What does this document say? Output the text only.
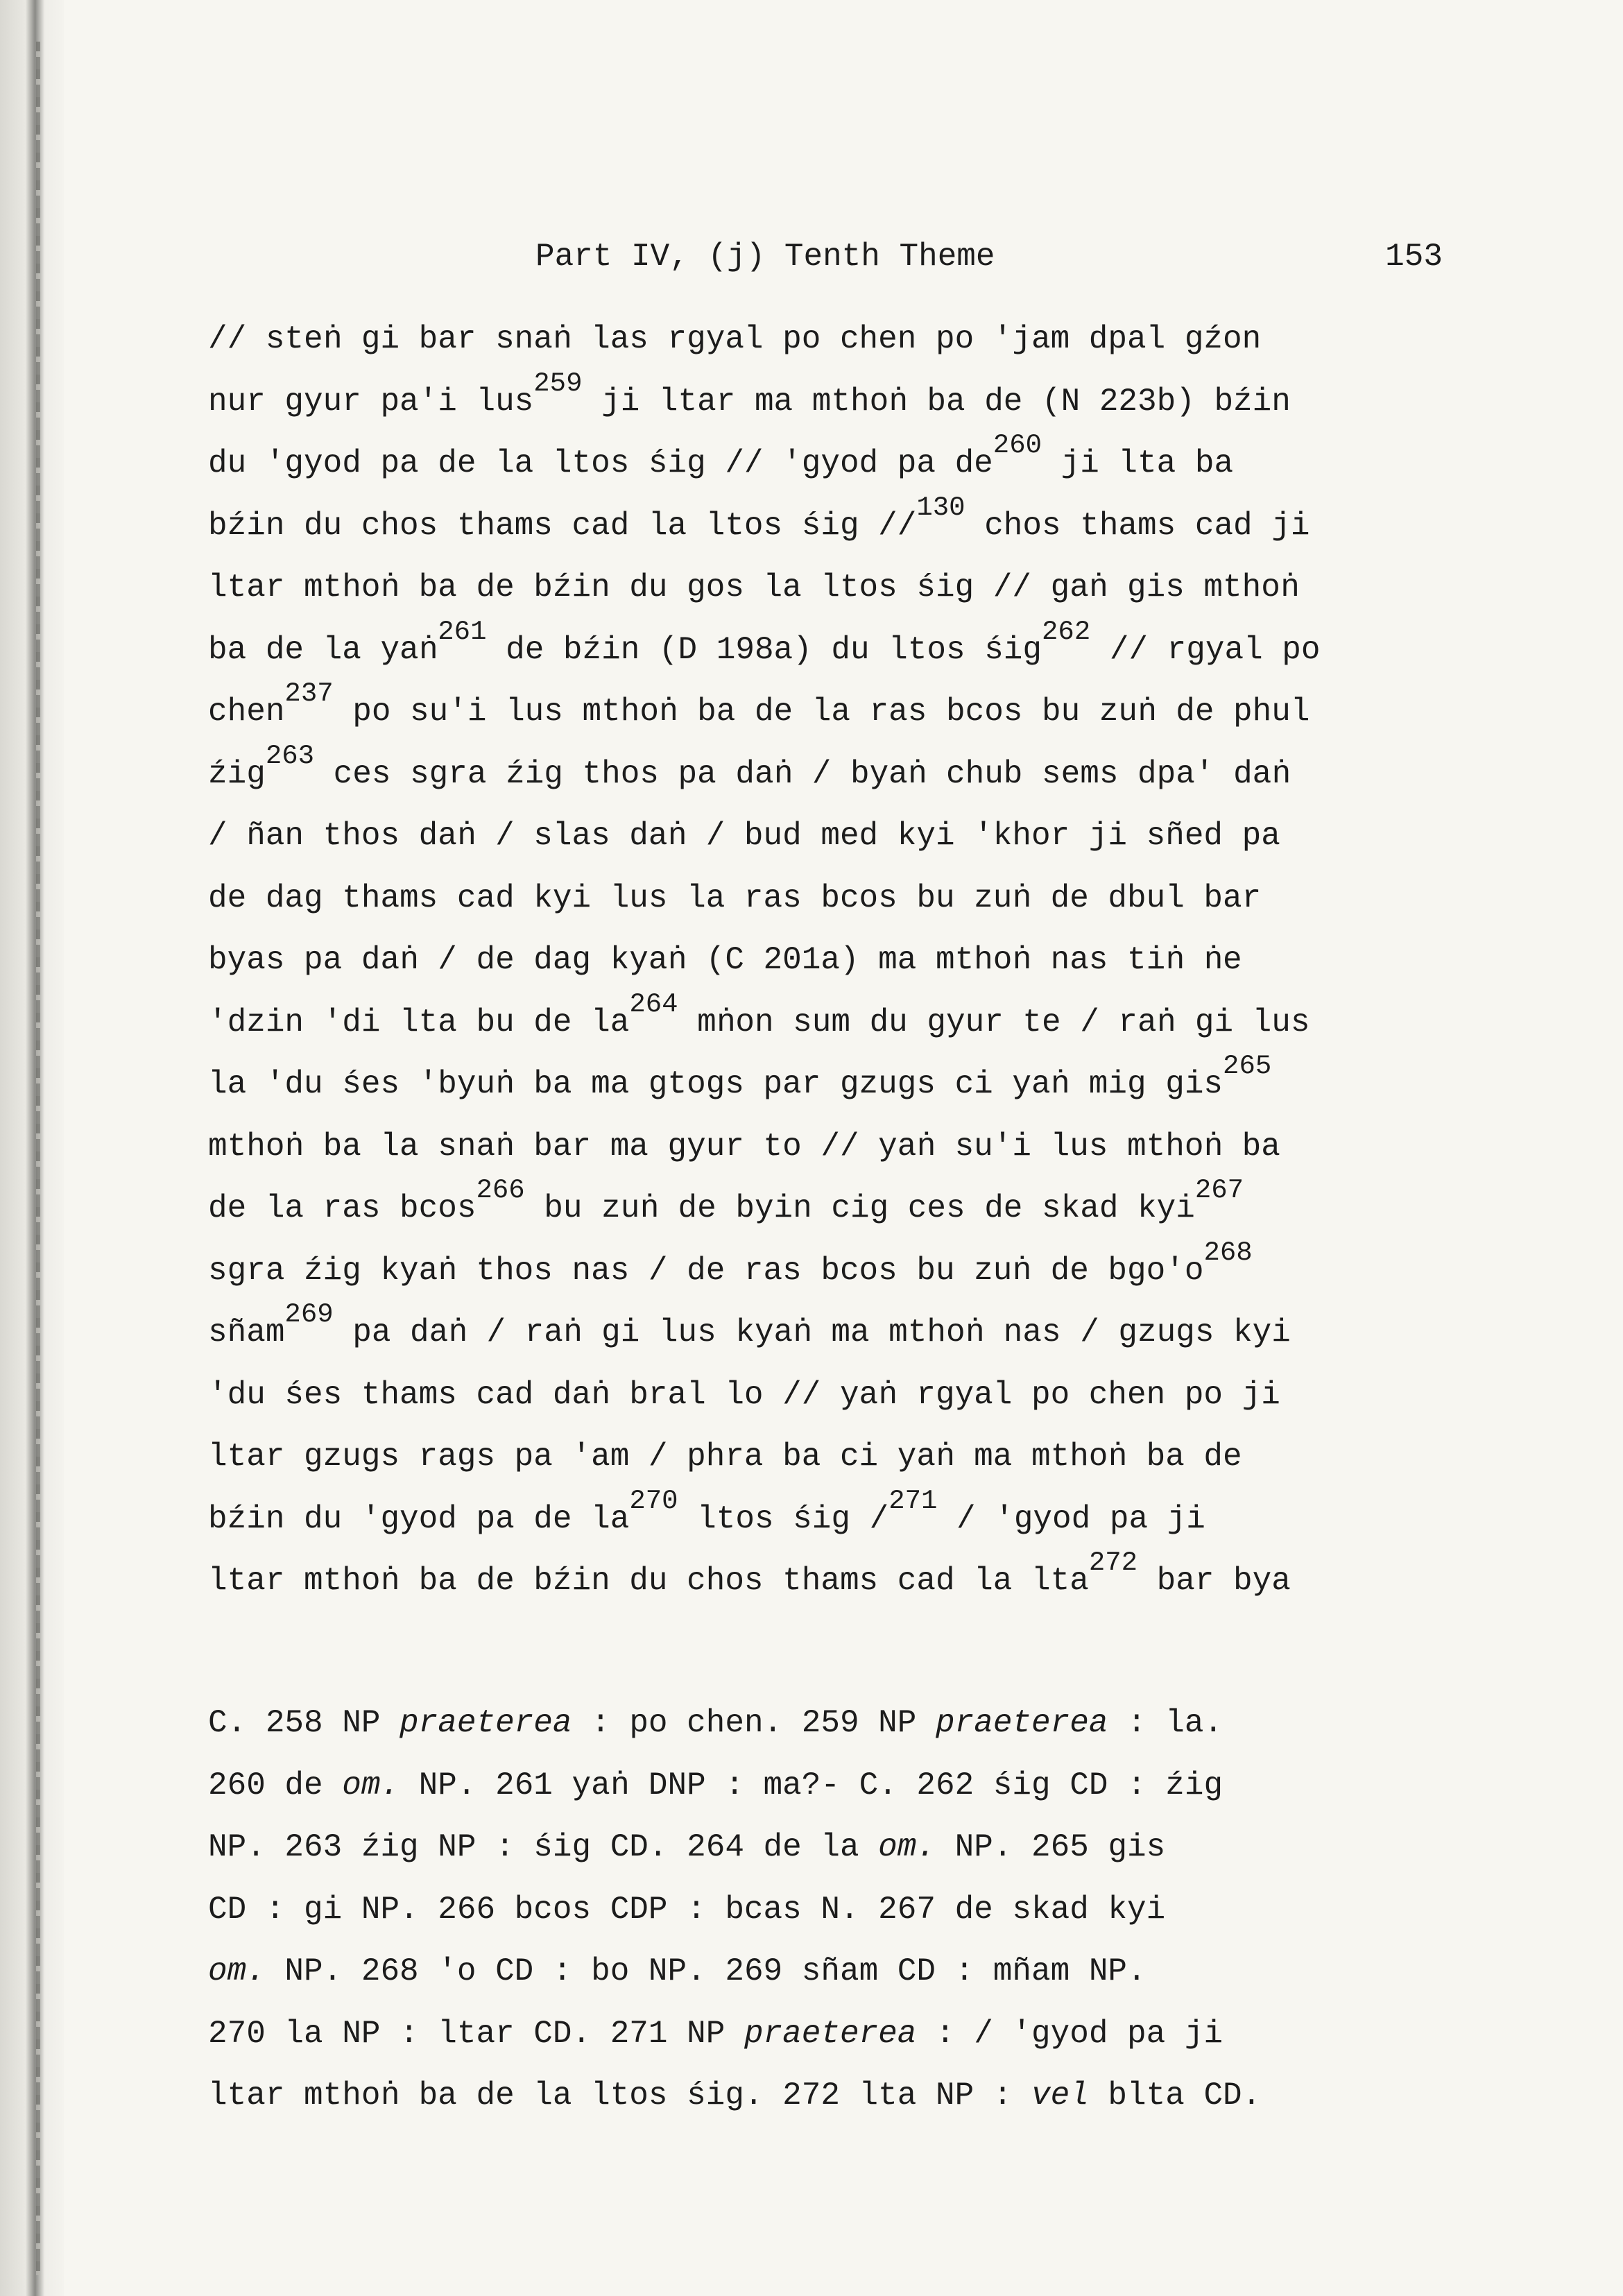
Part IV, (j) Tenth Theme	153
// steṅ gi bar snaṅ las rgyal po chen po 'jam dpal gźon
nur gyur pa'i lus$^{259}$ ji ltar ma mthoṅ ba de (N 223b) bźin
du 'gyod pa de la ltos śig // 'gyod pa $de^{260}$ ji lta ba
bźin du chos thams cad la ltos śig //$^{130}$ chos thams cad ji
ltar mthoṅ ba de bźin du gos la ltos śig // gaṅ gis mthoṅ
ba de la yaṅ$^{261}$ de bźin (D 198a) du ltos śig$^{262}$ // rgyal po
chen$^{237}$ po su'i lus mthoṅ ba de la ras bcos bu zuṅ de phul
źig$^{263}$ ces sgra źig thos pa daṅ / byaṅ chub sems dpa' daṅ
/ ñan thos daṅ / slas daṅ / bud med kyi 'khor ji sñed pa
de dag thams cad kyi lus la ras bcos bu zuṅ de dbul bar
byas pa daṅ / de dag kyaṅ (C 201a) ma mthoṅ nas tiṅ ṅe
'dzin 'di lta bu de $la^{264}$ mṅon sum du gyur te / raṅ gi lus
la 'du śes 'byuṅ ba ma gtogs par gzugs ci yaṅ mig gis$^{265}$
mthoṅ ba la snaṅ bar ma gyur to // yaṅ su'i lus mthoṅ ba
de la ras bcos$^{266}$ bu zuṅ de byin cig ces de skad kyi$^{267}$
sgra źig kyaṅ thos nas / de ras bcos bu zuṅ de $bgo'o^{268}$
sñam$^{269}$ pa daṅ / raṅ gi lus kyaṅ ma mthoṅ nas / gzugs kyi
'du śes thams cad daṅ bral lo // yaṅ rgyal po chen po ji
ltar gzugs rags pa 'am / phra ba ci yaṅ ma mthoṅ ba de
bźin du 'gyod pa de $la^{270}$ ltos śig /$^{271}$ / 'gyod pa ji
ltar mthoṅ ba de bźin du chos thams cad la lta$^{272}$ bar bya
C. 258 NP praeterea : po chen. 259 NP praeterea : la.
260 de om. NP. 261 yaṅ DNP : ma?- C. 262 śig CD : źig
NP. 263 źig NP : śig CD. 264 de la om. NP. 265 gis
CD : gi NP. 266 bcos CDP : bcas N. 267 de skad kyi
om. NP. 268 'o CD : bo NP. 269 sñam CD : mñam NP.
270 la NP : ltar CD. 271 NP praeterea : / 'gyod pa ji
ltar mthoṅ ba de la ltos śig. 272 lta NP : vel blta CD.
